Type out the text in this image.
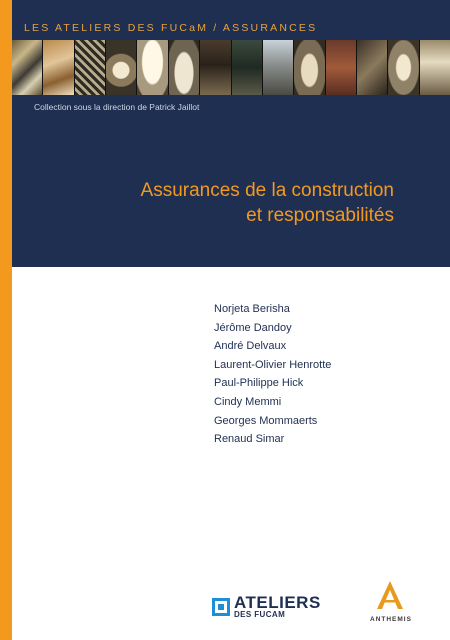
LES ATELIERS DES FUCaM / ASSURANCES
Collection sous la direction de Patrick Jaillot
Assurances de la construction
et responsabilités
Norjeta Berisha
Jérôme Dandoy
André Delvaux
Laurent-Olivier Henrotte
Paul-Philippe Hick
Cindy Memmi
Georges Mommaerts
Renaud Simar
ATELIERS
DES FUCAM
ANTHEMIS
